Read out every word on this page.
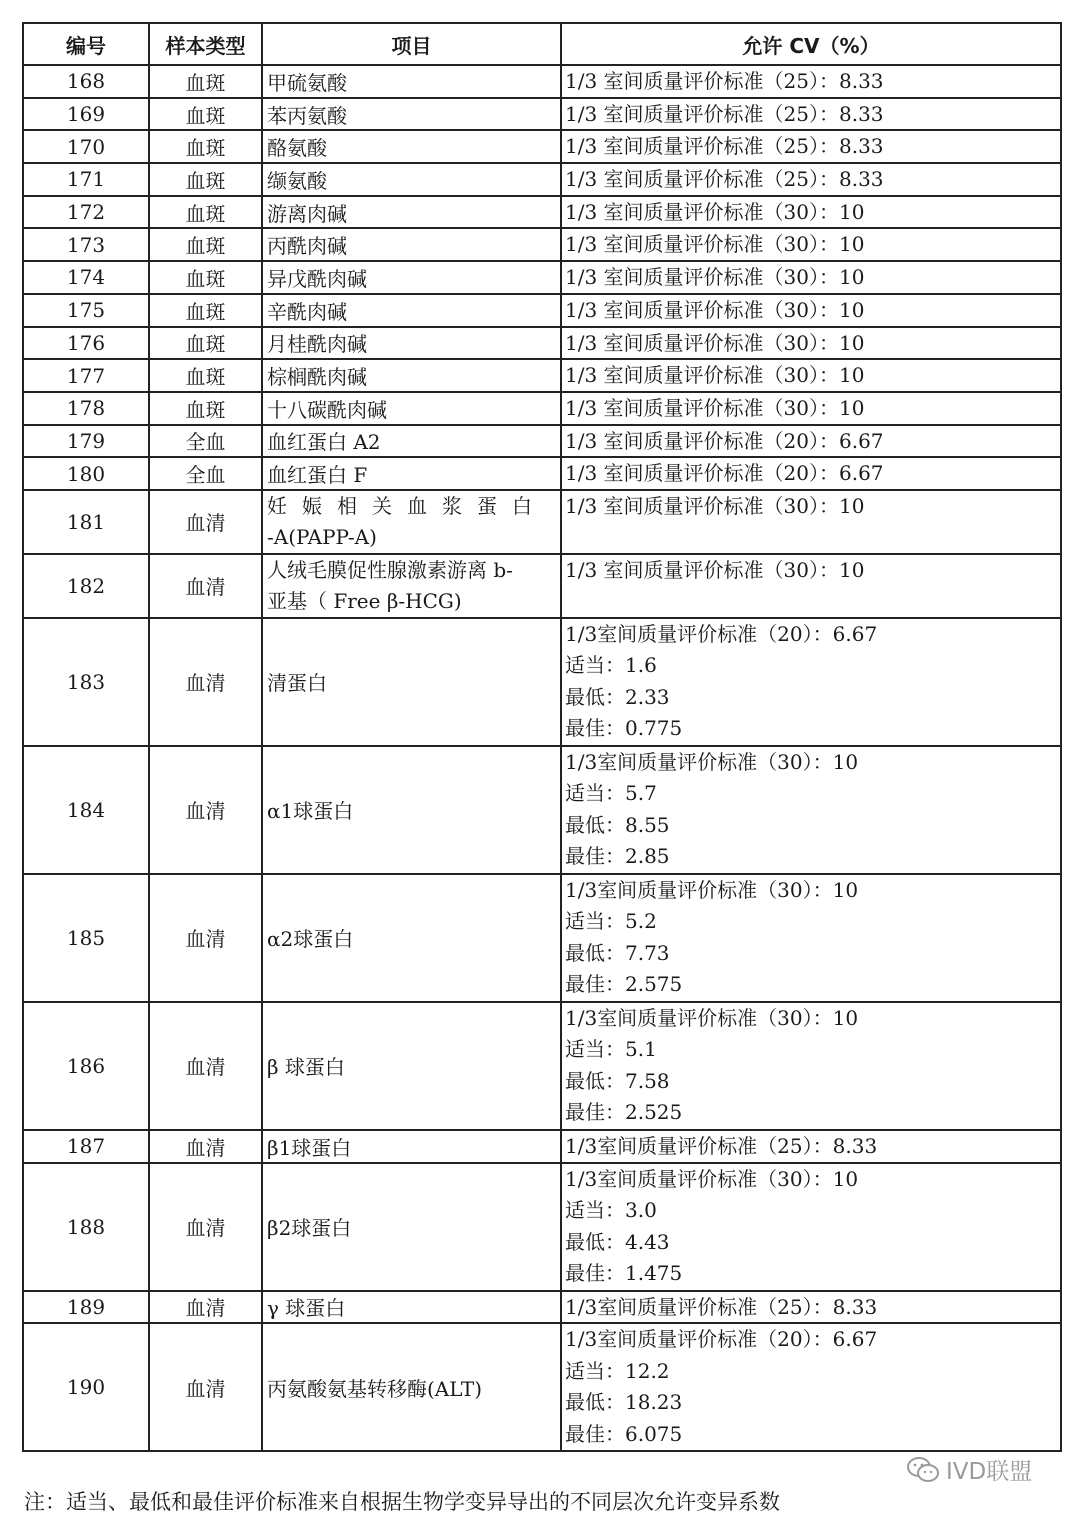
编号	样本类型	项目	允许 CV（%）
168	血斑	甲硫氨酸	1/3 室间质量评价标准（25）：8.33

169	血斑	苯丙氨酸	1/3 室间质量评价标准（25）：8.33

170	血斑	酪氨酸	1/3 室间质量评价标准（25）：8.33

171	血斑	缬氨酸	1/3 室间质量评价标准（25）：8.33

172	血斑	游离肉碱	1/3 室间质量评价标准（30）：10

173	血斑	丙酰肉碱	1/3 室间质量评价标准（30）：10

174	血斑	异戊酰肉碱	1/3 室间质量评价标准（30）：10

175	血斑	辛酰肉碱	1/3 室间质量评价标准（30）：10

176	血斑	月桂酰肉碱	1/3 室间质量评价标准（30）：10

177	血斑	棕榈酰肉碱	1/3 室间质量评价标准（30）：10

178	血斑	十八碳酰肉碱	1/3 室间质量评价标准（30）：10

179	全血	血红蛋白 A2	1/3 室间质量评价标准（20）：6.67

180	全血	血红蛋白 F	1/3 室间质量评价标准（20）：6.67

181	血清	妊娠相关血浆蛋白
-A(PAPP-A)	1/3 室间质量评价标准（30）：10

182	血清	人绒毛膜促性腺激素游离 b-
亚基（ Free β-HCG)	1/3 室间质量评价标准（30）：10

183	血清	清蛋白	1/3室间质量评价标准（20）：6.67
适当：1.6
最低：2.33
最佳：0.775

184	血清	α1球蛋白	1/3室间质量评价标准（30）：10
适当：5.7
最低：8.55
最佳：2.85

185	血清	α2球蛋白	1/3室间质量评价标准（30）：10
适当：5.2
最低：7.73
最佳：2.575

186	血清	β 球蛋白	1/3室间质量评价标准（30）：10
适当：5.1
最低：7.58
最佳：2.525

187	血清	β1球蛋白	1/3室间质量评价标准（25）：8.33

188	血清	β2球蛋白	1/3室间质量评价标准（30）：10
适当：3.0
最低：4.43
最佳：1.475

189	血清	γ 球蛋白	1/3室间质量评价标准（25）：8.33

190	血清	丙氨酸氨基转移酶(ALT)	1/3室间质量评价标准（20）：6.67
适当：12.2
最低：18.23
最佳：6.075
注：适当、最低和最佳评价标准来自根据生物学变异导出的不同层次允许变异系数
IVD联盟
